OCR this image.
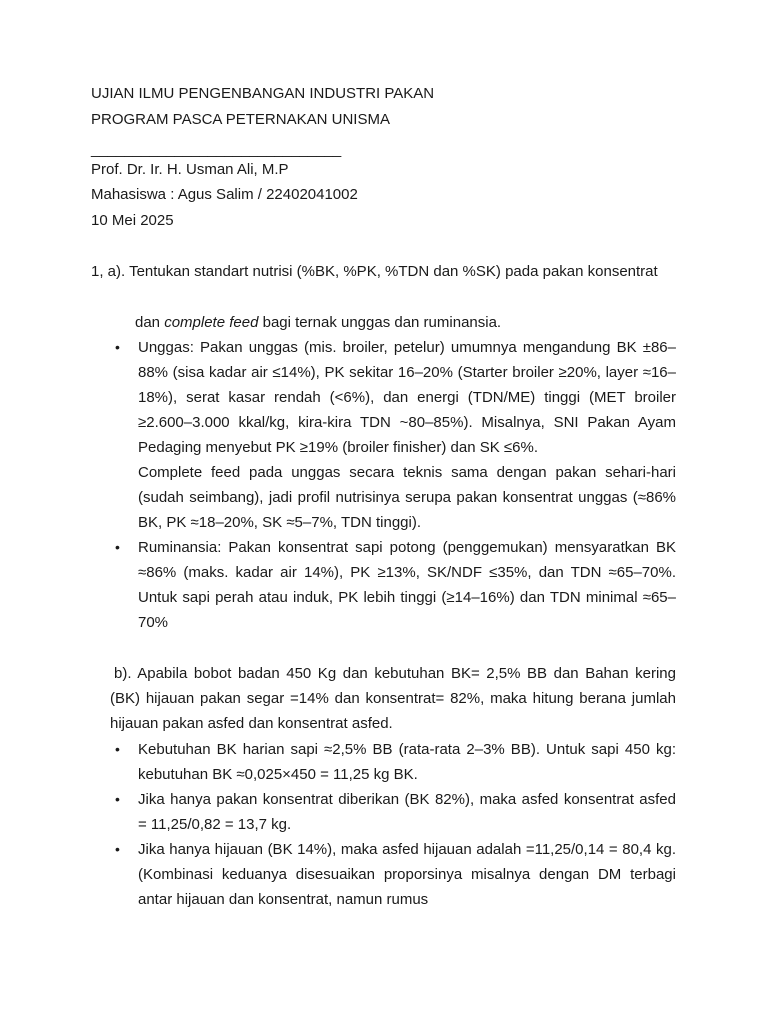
UJIAN ILMU PENGENBANGAN INDUSTRI PAKAN
PROGRAM PASCA PETERNAKAN UNISMA
______________________________
Prof. Dr. Ir. H. Usman Ali, M.P
Mahasiswa : Agus Salim / 22402041002
10 Mei 2025
1, a). Tentukan standart nutrisi (%BK, %PK, %TDN dan %SK) pada pakan konsentrat
dan complete feed bagi ternak unggas dan ruminansia.
• Unggas: Pakan unggas (mis. broiler, petelur) umumnya mengandung BK ±86–88% (sisa kadar air ≤14%), PK sekitar 16–20% (Starter broiler ≥20%, layer ≈16–18%), serat kasar rendah (<6%), dan energi (TDN/ME) tinggi (MET broiler ≥2.600–3.000 kkal/kg, kira-kira TDN ~80–85%). Misalnya, SNI Pakan Ayam Pedaging menyebut PK ≥19% (broiler finisher) dan SK ≤6%.
Complete feed pada unggas secara teknis sama dengan pakan sehari-hari (sudah seimbang), jadi profil nutrisinya serupa pakan konsentrat unggas (≈86% BK, PK ≈18–20%, SK ≈5–7%, TDN tinggi).
• Ruminansia: Pakan konsentrat sapi potong (penggemukan) mensyaratkan BK ≈86% (maks. kadar air 14%), PK ≥13%, SK/NDF ≤35%, dan TDN ≈65–70%. Untuk sapi perah atau induk, PK lebih tinggi (≥14–16%) dan TDN minimal ≈65–70%
b). Apabila bobot badan 450 Kg dan kebutuhan BK= 2,5% BB dan Bahan kering (BK) hijauan pakan segar =14% dan konsentrat= 82%, maka hitung berana jumlah hijauan pakan asfed dan konsentrat asfed.
• Kebutuhan BK harian sapi ≈2,5% BB (rata-rata 2–3% BB). Untuk sapi 450 kg: kebutuhan BK ≈0,025×450 = 11,25 kg BK.
• Jika hanya pakan konsentrat diberikan (BK 82%), maka asfed konsentrat asfed = 11,25/0,82 = 13,7 kg.
• Jika hanya hijauan (BK 14%), maka asfed hijauan adalah =11,25/0,14 = 80,4 kg. (Kombinasi keduanya disesuaikan proporsinya misalnya dengan DM terbagi antar hijauan dan konsentrat, namun rumus
